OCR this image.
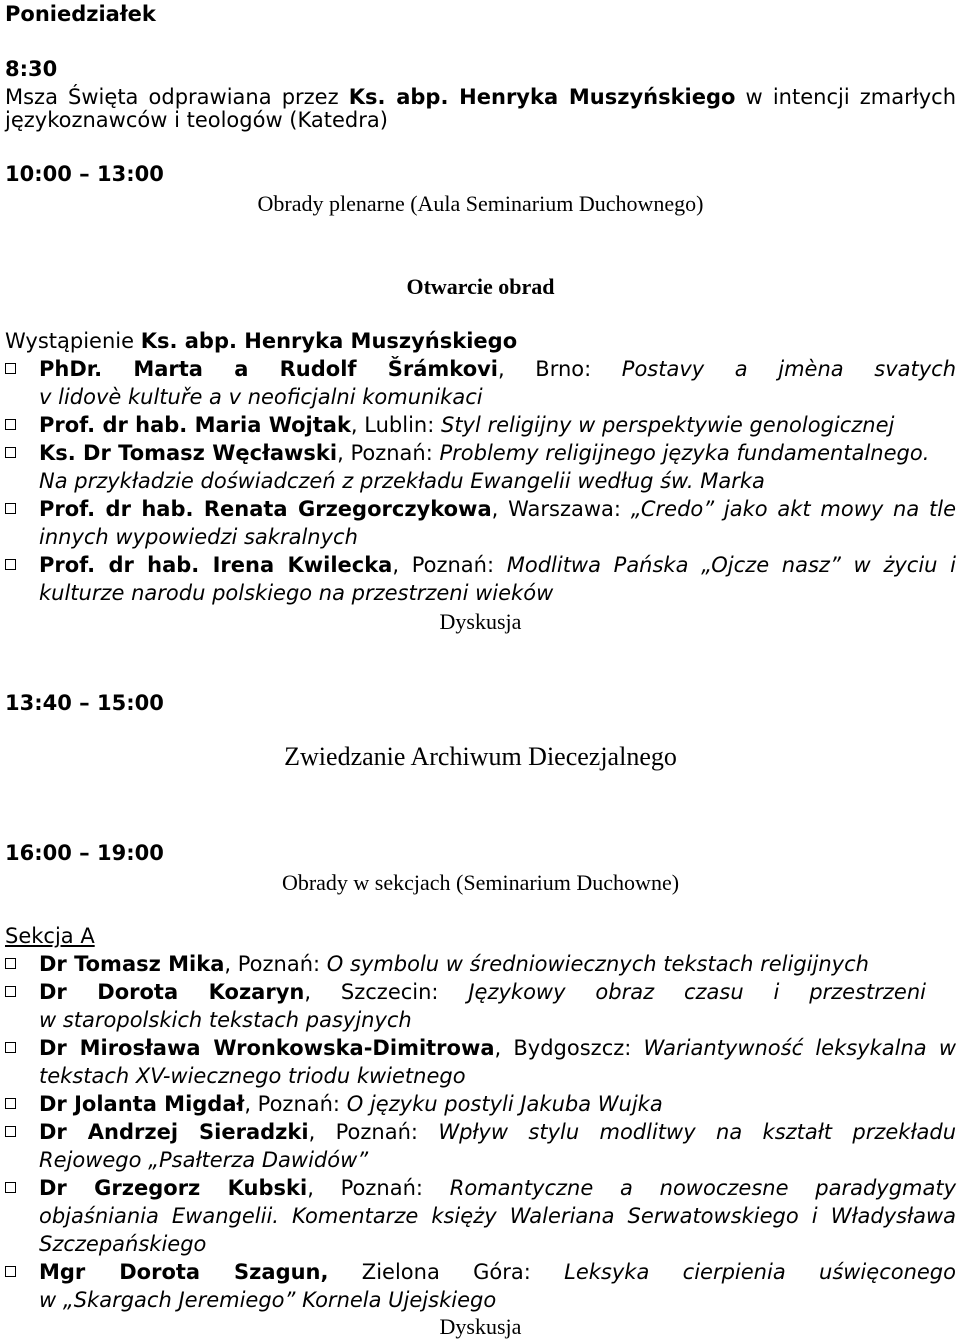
Poniedziałek
8:30
Msza Święta odprawiana przez Ks. abp. Henryka Muszyńskiego w intencji zmarłych
językoznawców i teologów (Katedra)
10:00 – 13:00
Obrady plenarne (Aula Seminarium Duchownego)
Otwarcie obrad
Wystąpienie Ks. abp. Henryka Muszyńskiego
PhDr. Marta a Rudolf Šrámkovi, Brno: Postavy a jmèna svatych
v lidovè kultuře a v neoficjalni komunikaci
Prof. dr hab. Maria Wojtak, Lublin: Styl religijny w perspektywie genologicznej
Ks. Dr Tomasz Węcławski, Poznań: Problemy religijnego języka fundamentalnego.
Na przykładzie doświadczeń z przekładu Ewangelii według św. Marka
Prof. dr hab. Renata Grzegorczykowa, Warszawa: „Credo” jako akt mowy na tle
innych wypowiedzi sakralnych
Prof. dr hab. Irena Kwilecka, Poznań: Modlitwa Pańska „Ojcze nasz” w życiu i
kulturze narodu polskiego na przestrzeni wieków
Dyskusja
13:40 – 15:00
Zwiedzanie Archiwum Diecezjalnego
16:00 – 19:00
Obrady w sekcjach (Seminarium Duchowne)
Sekcja A
Dr Tomasz Mika, Poznań: O symbolu w średniowiecznych tekstach religijnych
Dr Dorota Kozaryn, Szczecin: Językowy obraz czasu i przestrzeni
w staropolskich tekstach pasyjnych
Dr Mirosława Wronkowska-Dimitrowa, Bydgoszcz: Wariantywność leksykalna w
tekstach XV-wiecznego triodu kwietnego
Dr Jolanta Migdał, Poznań: O języku postyli Jakuba Wujka
Dr Andrzej Sieradzki, Poznań: Wpływ stylu modlitwy na kształt przekładu
Rejowego „Psałterza Dawidów”
Dr Grzegorz Kubski, Poznań: Romantyczne a nowoczesne paradygmaty
objaśniania Ewangelii. Komentarze księży Waleriana Serwatowskiego i Władysława
Szczepańskiego
Mgr Dorota Szagun, Zielona Góra: Leksyka cierpienia uświęconego
w „Skargach Jeremiego” Kornela Ujejskiego
Dyskusja
